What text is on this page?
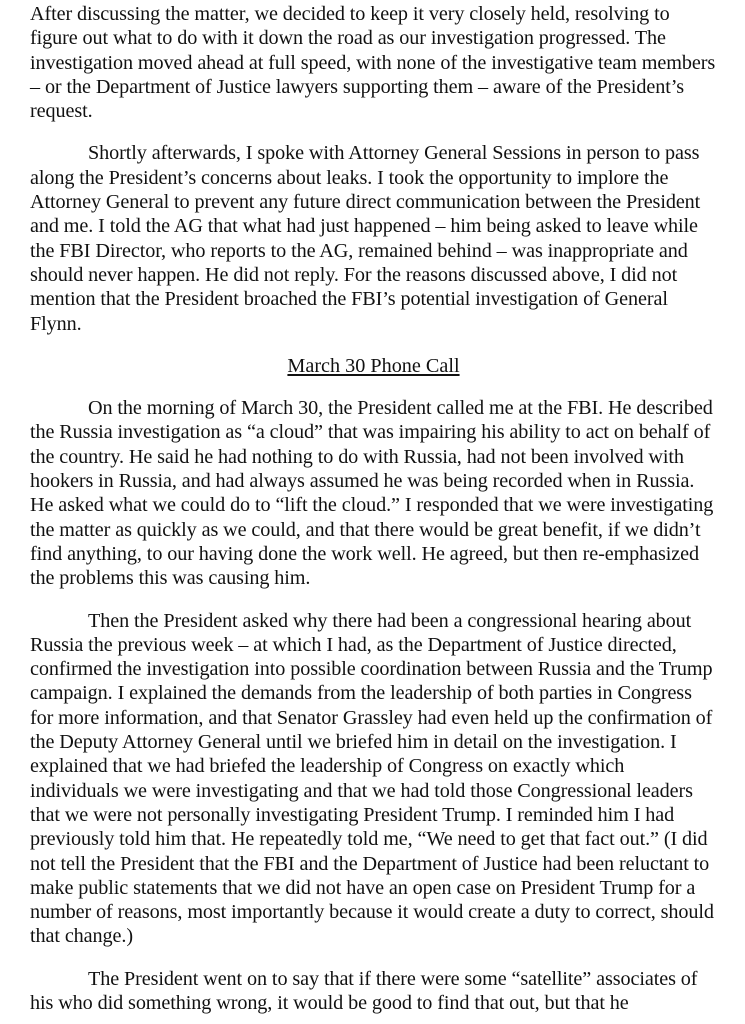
After discussing the matter, we decided to keep it very closely held, resolving to figure out what to do with it down the road as our investigation progressed. The investigation moved ahead at full speed, with none of the investigative team members – or the Department of Justice lawyers supporting them – aware of the President’s request.

Shortly afterwards, I spoke with Attorney General Sessions in person to pass along the President’s concerns about leaks. I took the opportunity to implore the Attorney General to prevent any future direct communication between the President and me. I told the AG that what had just happened – him being asked to leave while the FBI Director, who reports to the AG, remained behind – was inappropriate and should never happen. He did not reply. For the reasons discussed above, I did not mention that the President broached the FBI’s potential investigation of General Flynn.

March 30 Phone Call

On the morning of March 30, the President called me at the FBI. He described the Russia investigation as “a cloud” that was impairing his ability to act on behalf of the country. He said he had nothing to do with Russia, had not been involved with hookers in Russia, and had always assumed he was being recorded when in Russia. He asked what we could do to “lift the cloud.” I responded that we were investigating the matter as quickly as we could, and that there would be great benefit, if we didn’t find anything, to our having done the work well. He agreed, but then re-emphasized the problems this was causing him.

Then the President asked why there had been a congressional hearing about Russia the previous week – at which I had, as the Department of Justice directed, confirmed the investigation into possible coordination between Russia and the Trump campaign. I explained the demands from the leadership of both parties in Congress for more information, and that Senator Grassley had even held up the confirmation of the Deputy Attorney General until we briefed him in detail on the investigation. I explained that we had briefed the leadership of Congress on exactly which individuals we were investigating and that we had told those Congressional leaders that we were not personally investigating President Trump. I reminded him I had previously told him that. He repeatedly told me, “We need to get that fact out.” (I did not tell the President that the FBI and the Department of Justice had been reluctant to make public statements that we did not have an open case on President Trump for a number of reasons, most importantly because it would create a duty to correct, should that change.)

The President went on to say that if there were some “satellite” associates of his who did something wrong, it would be good to find that out, but that he
